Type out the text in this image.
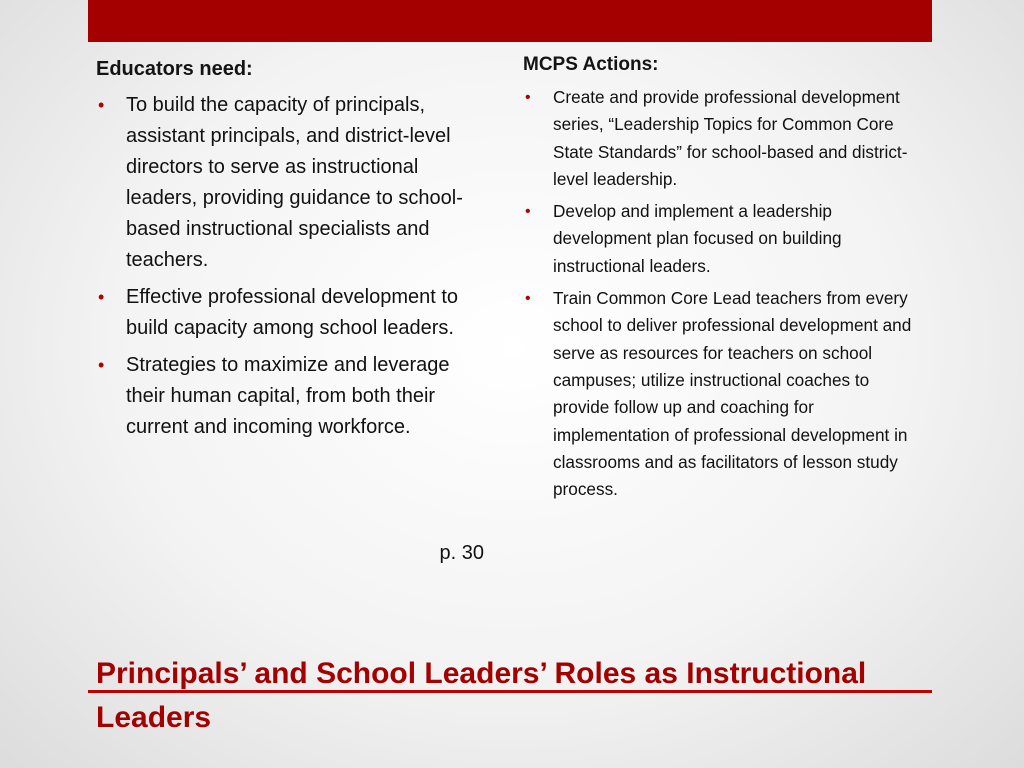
Educators need:

• To build the capacity of principals, assistant principals, and district-level directors to serve as instructional leaders, providing guidance to school-based instructional specialists and teachers.
• Effective professional development to build capacity among school leaders.
• Strategies to maximize and leverage their human capital, from both their current and incoming workforce.
p. 30

MCPS Actions:

• Create and provide professional development series, “Leadership Topics for Common Core State Standards” for school-based and district-level leadership.
• Develop and implement a leadership development plan focused on building instructional leaders.
• Train Common Core Lead teachers from every school to deliver professional development and serve as resources for teachers on school campuses; utilize instructional coaches to provide follow up and coaching for implementation of professional development in classrooms and as facilitators of lesson study process.
Principals’ and School Leaders’ Roles as Instructional Leaders
